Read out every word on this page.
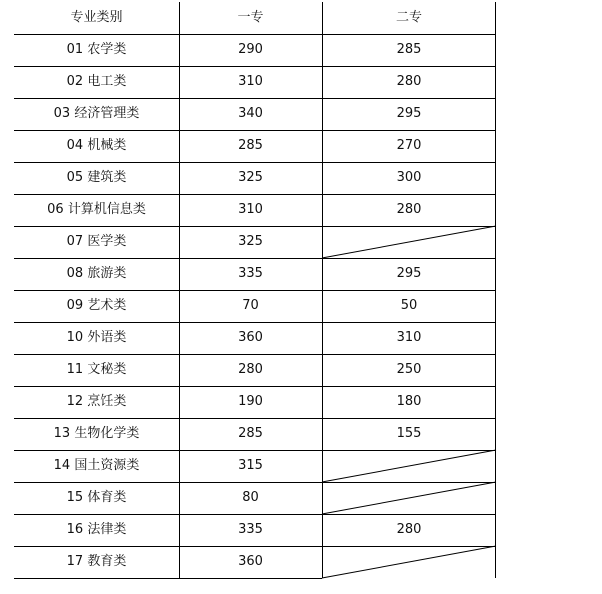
专业类别	一专	二专
01 农学类	290	285
02 电工类	310	280
03 经济管理类	340	295
04 机械类	285	270
05 建筑类	325	300
06 计算机信息类	310	280
07 医学类	325
08 旅游类	335	295
09 艺术类	70	50
10 外语类	360	310
11 文秘类	280	250
12 烹饪类	190	180
13 生物化学类	285	155
14 国土资源类	315
15 体育类	80
16 法律类	335	280
17 教育类	360
